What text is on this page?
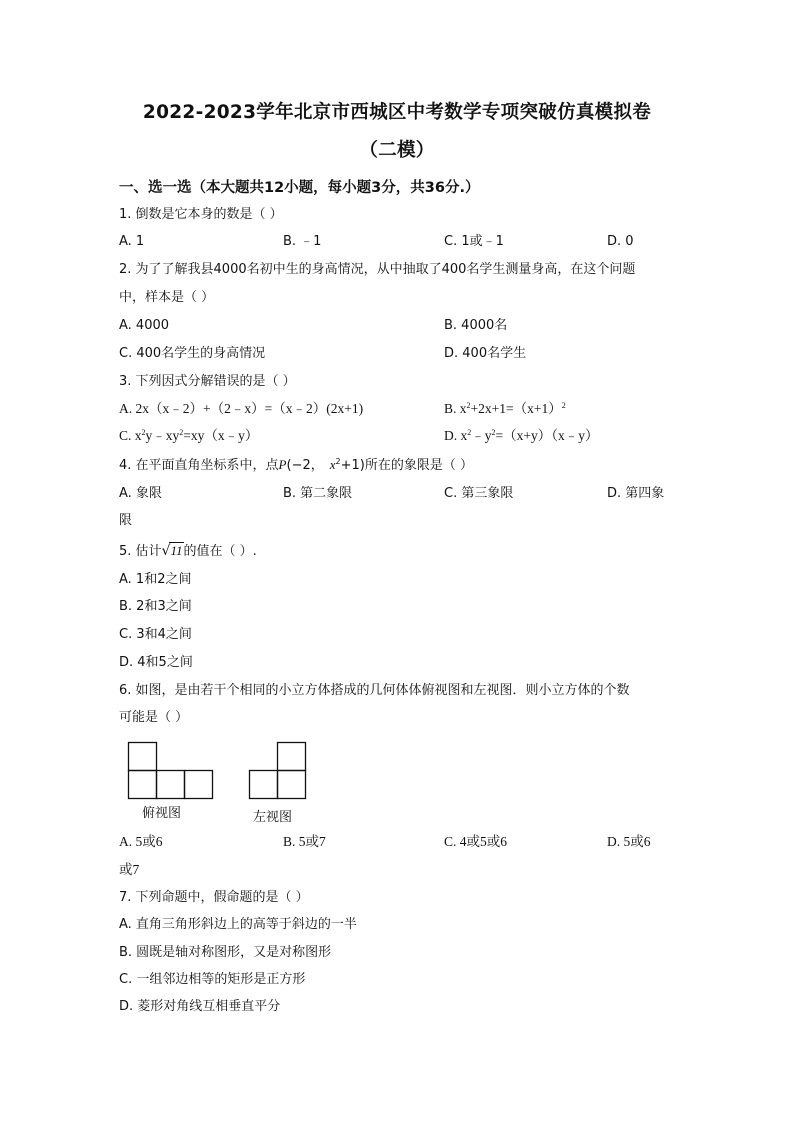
2022-2023学年北京市西城区中考数学专项突破仿真模拟卷
（二模）
一、选一选（本大题共12小题，每小题3分，共36分.）
1. 倒数是它本身的数是（ ）
A. 1	B. ﹣1	C. 1或﹣1	D. 0
2. 为了了解我县4000名初中生的身高情况，从中抽取了400名学生测量身高，在这个问题
中，样本是（ ）
A. 4000	B. 4000名
C. 400名学生的身高情况	D. 400名学生
3. 下列因式分解错误的是（ ）
A. 2x（x﹣2）+（2﹣x）=（x﹣2）(2x+1)	B. $x^2+2x+1=(x+1)^2$
C. $x^2y﹣xy^2=xy(x﹣y)$	D. $x^2﹣y^2=(x+y)(x﹣y)$
4. 在平面直角坐标系中，点P(−2， $x^2+1$)所在的象限是（ ）
A. 象限	B. 第二象限	C. 第三象限	D. 第四象
限
5. 估计√11的值在（ ）.
A. 1和2之间
B. 2和3之间
C. 3和4之间
D. 4和5之间
6. 如图，是由若干个相同的小立方体搭成的几何体体俯视图和左视图．则小立方体的个数
可能是（ ）
俯视图	左视图
A. 5或6	B. 5或7	C. 4或5或6	D. 5或6
或7
7. 下列命题中，假命题的是（ ）
A. 直角三角形斜边上的高等于斜边的一半
B. 圆既是轴对称图形，又是对称图形
C. 一组邻边相等的矩形是正方形
D. 菱形对角线互相垂直平分
